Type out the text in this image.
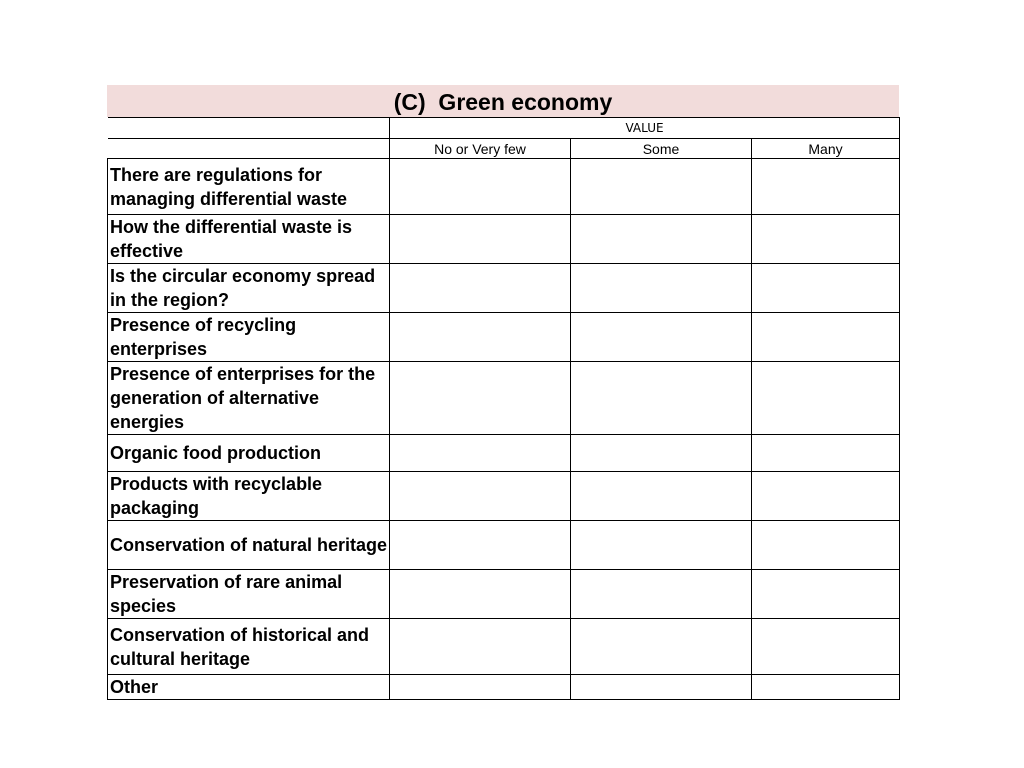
(C)  Green economy
	VALUE		
	No or Very few	Some	Many
There are regulations for managing differential waste			
How the differential waste is effective			
Is the circular economy spread in the region?			
Presence of recycling enterprises			
Presence of enterprises for the generation of alternative energies			
Organic food production			
Products with recyclable packaging			
Conservation of natural heritage			
Preservation of rare animal species			
Conservation of historical and cultural heritage			
Other			
